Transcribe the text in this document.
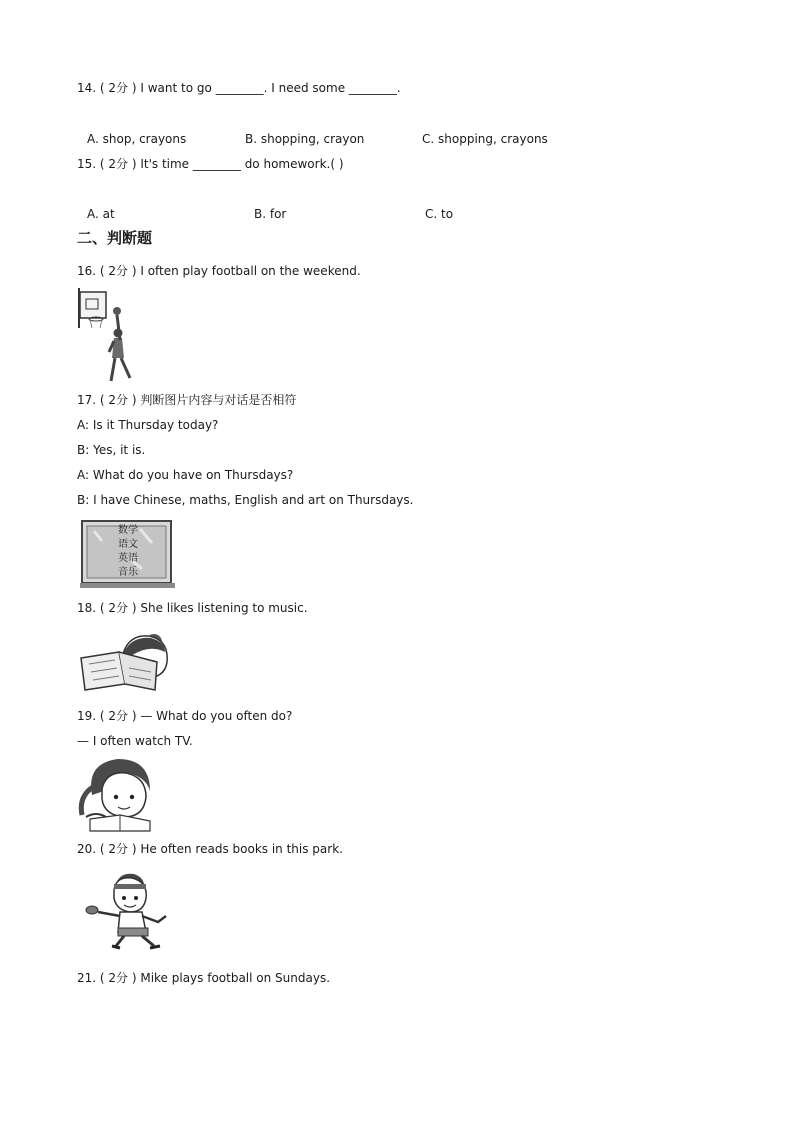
14. ( 2分 ) I want to go ________. I need some ________.
A. shop, crayons	B. shopping, crayon	C. shopping, crayons
15. ( 2分 ) It's time ________ do homework.( )
A. at	B. for	C. to
二、判断题
16. ( 2分 ) I often play football on the weekend.
17. ( 2分 ) 判断图片内容与对话是否相符
A: Is it Thursday today?
B: Yes, it is.
A: What do you have on Thursdays?
B: I have Chinese, maths, English and art on Thursdays.
数学
语文
英语
音乐
18. ( 2分 ) She likes listening to music.
19. ( 2分 ) — What do you often do?
— I often watch TV.
20. ( 2分 ) He often reads books in this park.
21. ( 2分 ) Mike plays football on Sundays.
